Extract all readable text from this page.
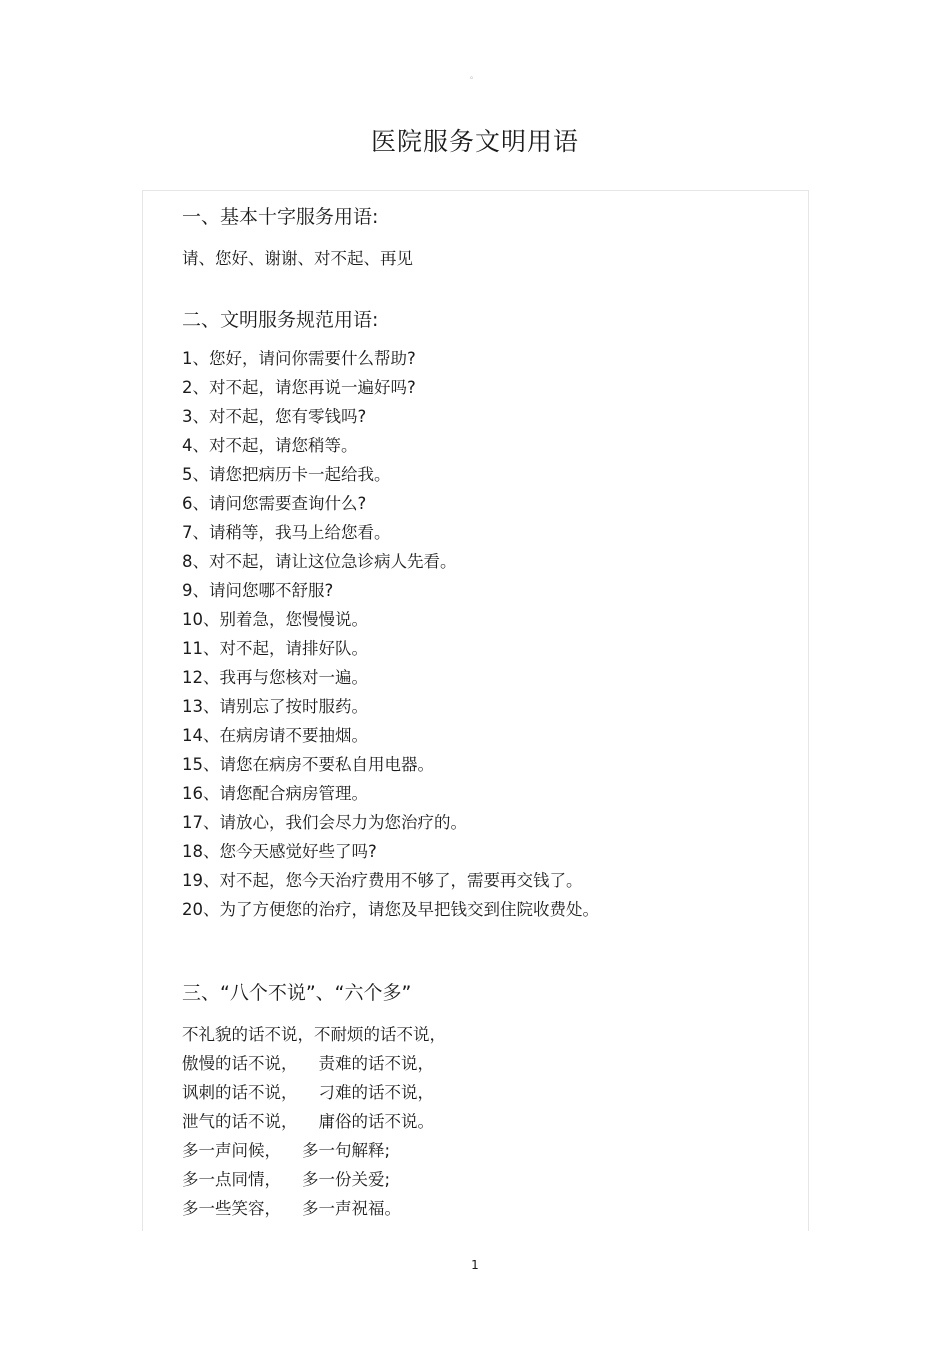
。
医院服务文明用语

一、基本十字服务用语:

请、您好、谢谢、对不起、再见

二、文明服务规范用语:

1、您好，请问你需要什么帮助?

2、对不起，请您再说一遍好吗?

3、对不起，您有零钱吗?

4、对不起，请您稍等。

5、请您把病历卡一起给我。

6、请问您需要查询什么?

7、请稍等，我马上给您看。

8、对不起，请让这位急诊病人先看。

9、请问您哪不舒服?

10、别着急，您慢慢说。

11、对不起，请排好队。

12、我再与您核对一遍。

13、请别忘了按时服药。

14、在病房请不要抽烟。

15、请您在病房不要私自用电器。

16、请您配合病房管理。

17、请放心，我们会尽力为您治疗的。

18、您今天感觉好些了吗?

19、对不起，您今天治疗费用不够了，需要再交钱了。

20、为了方便您的治疗，请您及早把钱交到住院收费处。

三、“八个不说”、“六个多”

不礼貌的话不说，不耐烦的话不说，

傲慢的话不说，    责难的话不说，

讽刺的话不说，    刁难的话不说，

泄气的话不说，    庸俗的话不说。

多一声问候，    多一句解释;

多一点同情，    多一份关爱;

多一些笑容，    多一声祝福。

1
